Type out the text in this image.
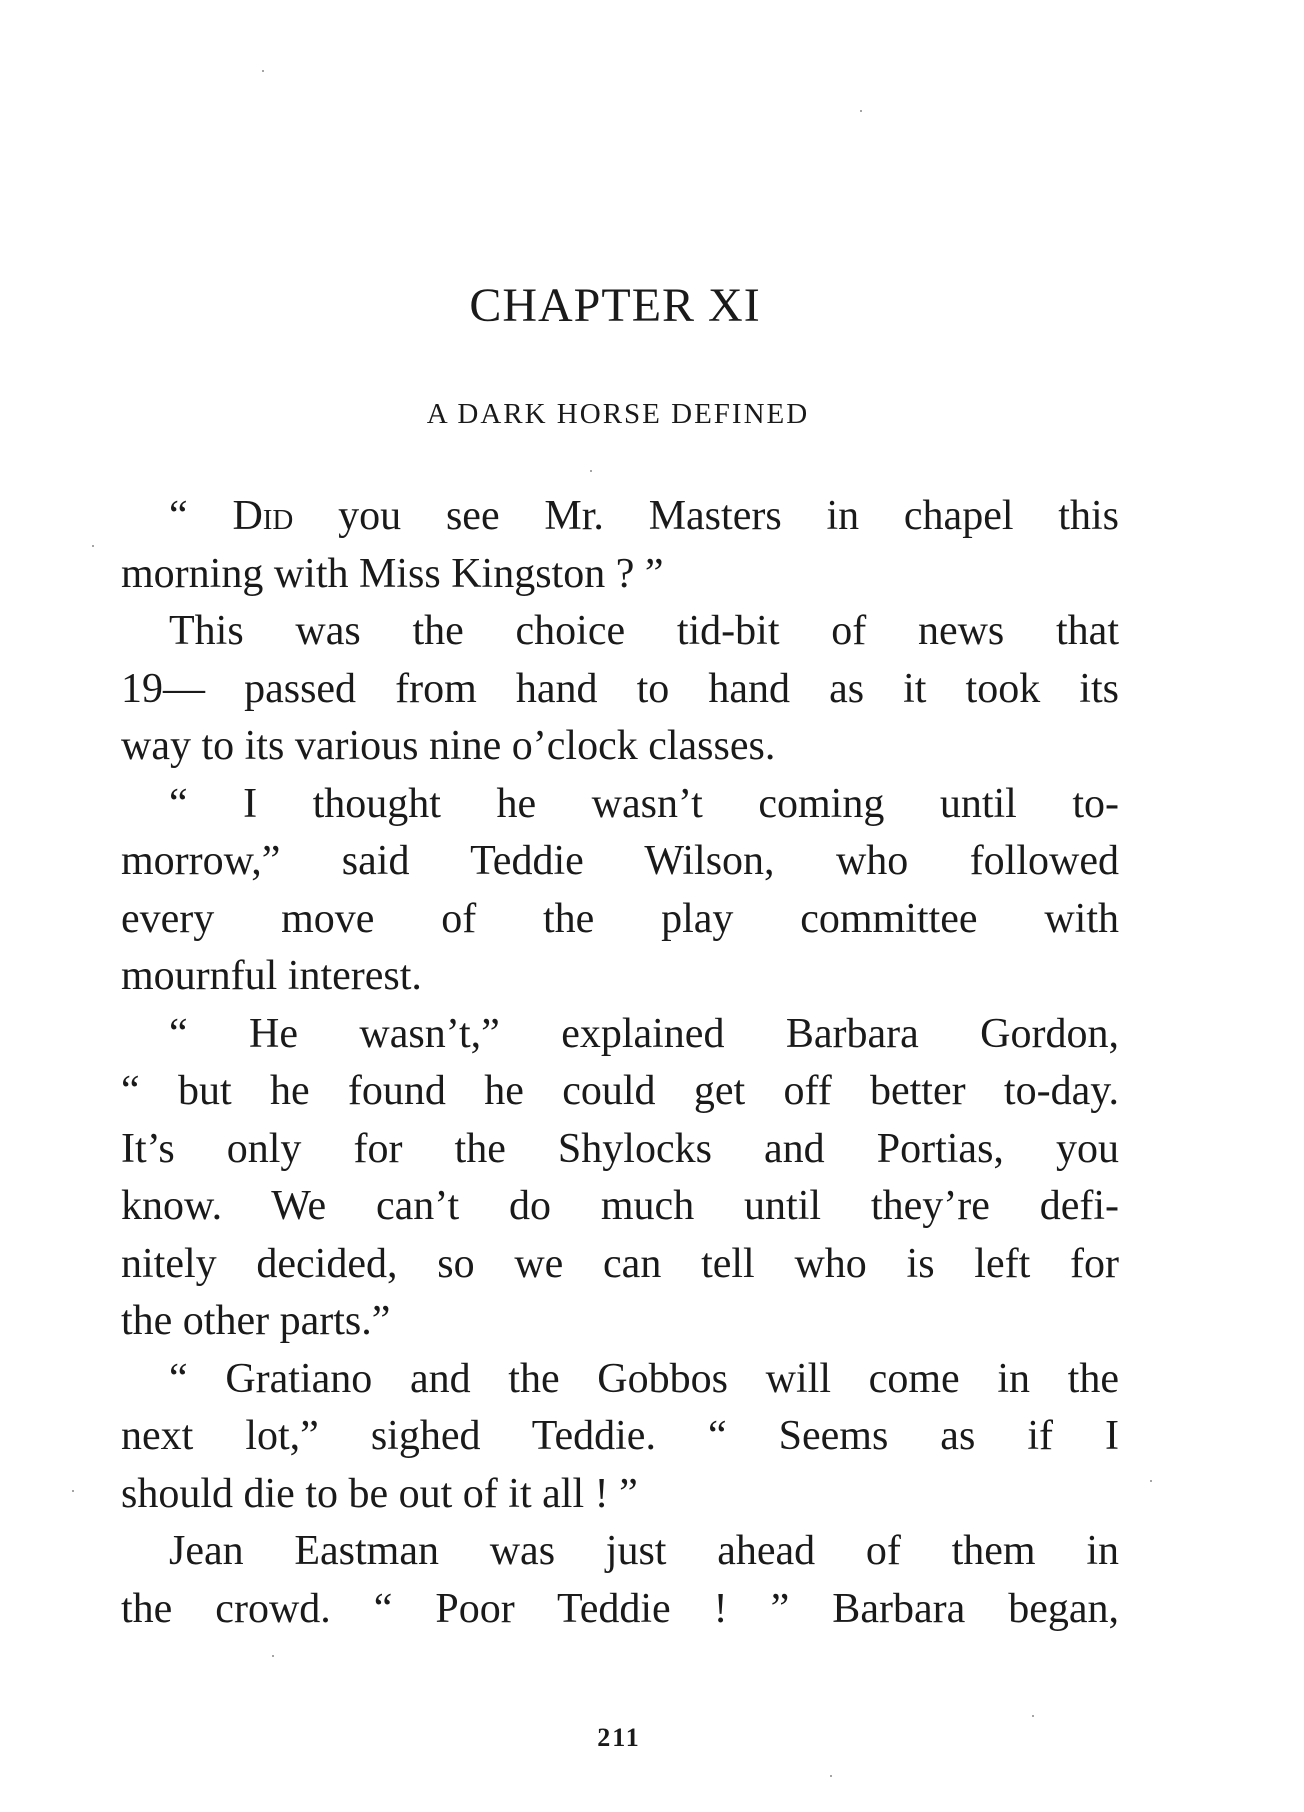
CHAPTER XI
A DARK HORSE DEFINED
“ Did you see Mr. Masters in chapel this
morning with Miss Kingston ? ”
This was the choice tid-bit of news that
19— passed from hand to hand as it took its
way to its various nine o’clock classes.
“ I thought he wasn’t coming until to-
morrow,” said Teddie Wilson, who followed
every move of the play committee with
mournful interest.
“ He wasn’t,” explained Barbara Gordon,
“ but he found he could get off better to-day.
It’s only for the Shylocks and Portias, you
know. We can’t do much until they’re defi-
nitely decided, so we can tell who is left for
the other parts.”
“ Gratiano and the Gobbos will come in the
next lot,” sighed Teddie. “ Seems as if I
should die to be out of it all ! ”
Jean Eastman was just ahead of them in
the crowd. “ Poor Teddie ! ” Barbara began,
211
